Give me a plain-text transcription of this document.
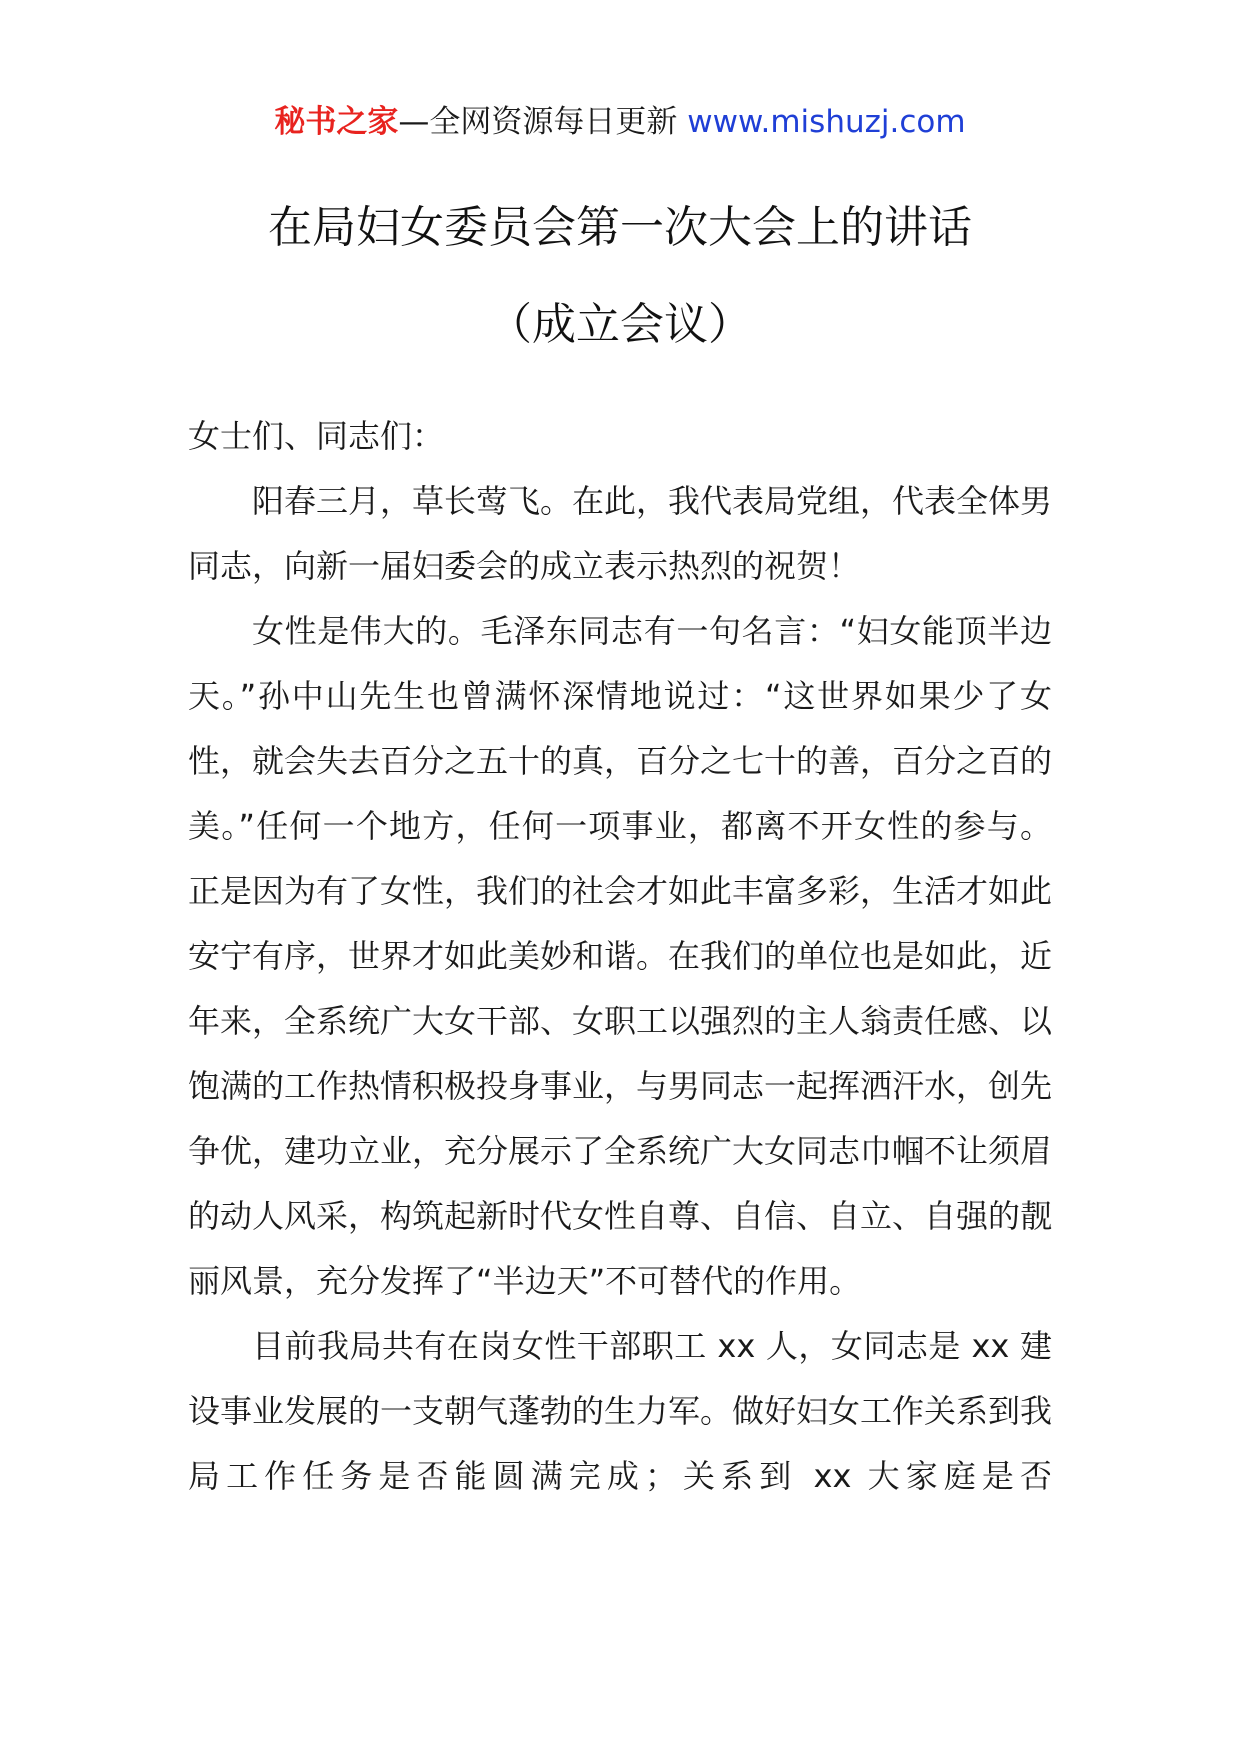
秘书之家—全网资源每日更新 www.mishuzj.com
在局妇女委员会第一次大会上的讲话
（成立会议）

女士们、同志们：

阳春三月，草长莺飞。在此，我代表局党组，代表全体男同志，向新一届妇委会的成立表示热烈的祝贺！

女性是伟大的。毛泽东同志有一句名言：“妇女能顶半边天。”孙中山先生也曾满怀深情地说过：“这世界如果少了女性，就会失去百分之五十的真，百分之七十的善，百分之百的美。”任何一个地方，任何一项事业，都离不开女性的参与。正是因为有了女性，我们的社会才如此丰富多彩，生活才如此安宁有序，世界才如此美妙和谐。在我们的单位也是如此，近年来，全系统广大女干部、女职工以强烈的主人翁责任感、以饱满的工作热情积极投身事业，与男同志一起挥洒汗水，创先争优，建功立业，充分展示了全系统广大女同志巾帼不让须眉的动人风采，构筑起新时代女性自尊、自信、自立、自强的靓丽风景，充分发挥了“半边天”不可替代的作用。

目前我局共有在岗女性干部职工 xx 人，女同志是 xx 建设事业发展的一支朝气蓬勃的生力军。做好妇女工作关系到我局工作任务是否能圆满完成；关系到 xx 大家庭是否
